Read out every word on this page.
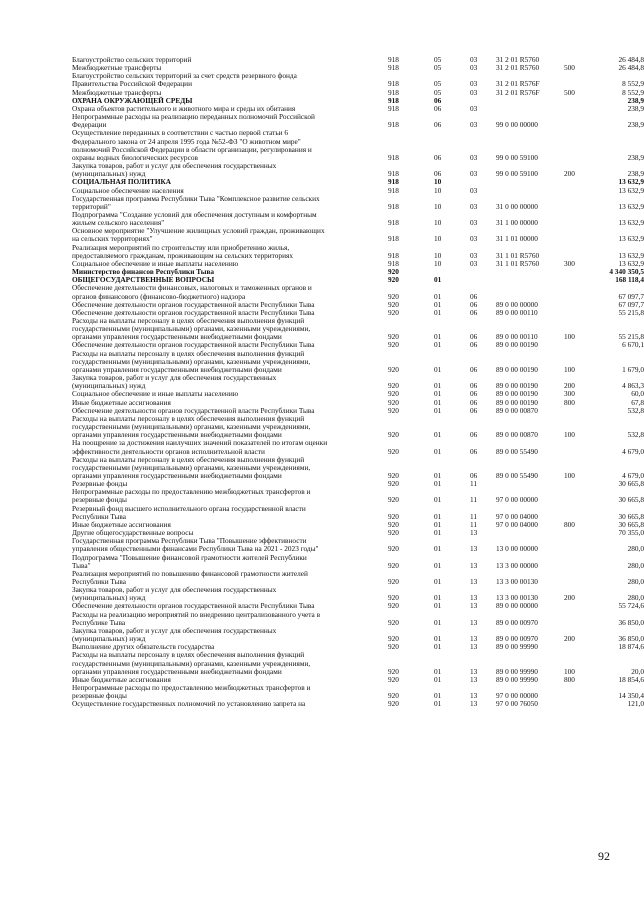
Благоустройство сельских территорий	918	05	03	31 2 01 R5760		26 484,8
Межбюджетные трансферты	918	05	03	31 2 01 R5760	500	26 484,8
Благоустройство сельских территорий за счет средств резервного фонда						
Правительства Российской Федерации	918	05	03	31 2 01 R576F		8 552,9
Межбюджетные трансферты	918	05	03	31 2 01 R576F	500	8 552,9
ОХРАНА ОКРУЖАЮЩЕЙ СРЕДЫ	918	06				238,9
Охрана объектов растительного и животного мира и среды их обитания	918	06	03			238,9
Непрограммные расходы на реализацию переданных полномочий Российской						
Федерации	918	06	03	99 0 00 00000		238,9
Осуществление переданных в соответствии с частью первой статьи 6						
Федерального закона от 24 апреля 1995 года №52-ФЗ "О животном мире"						
полномочий Российской Федерации в области организации, регулирования и						
охраны водных биологических ресурсов	918	06	03	99 0 00 59100		238,9
Закупка товаров, работ и услуг для обеспечения государственных						
(муниципальных) нужд	918	06	03	99 0 00 59100	200	238,9
СОЦИАЛЬНАЯ ПОЛИТИКА	918	10				13 632,9
Социальное обеспечение населения	918	10	03			13 632,9
Государственная программа Республики Тыва "Комплексное развитие сельских						
территорий"	918	10	03	31 0 00 00000		13 632,9
Подпрограмма "Создание условий для обеспечения доступным и комфортным						
жильем сельского населения"	918	10	03	31 1 00 00000		13 632,9
Основное мероприятие "Улучшение жилищных условий граждан, проживающих						
на сельских территориях"	918	10	03	31 1 01 00000		13 632,9
Реализация мероприятий по строительству или приобретению жилья,						
предоставляемого гражданам, проживающим на сельских территориях	918	10	03	31 1 01 R5760		13 632,9
Социальное обеспечение и иные выплаты населению	918	10	03	31 1 01 R5760	300	13 632,9
Министерство финансов Республики Тыва	920					4 340 350,5
ОБЩЕГОСУДАРСТВЕННЫЕ ВОПРОСЫ	920	01				168 118,4
Обеспечение деятельности финансовых, налоговых и таможенных органов и						
органов финансового (финансово-бюджетного) надзора	920	01	06			67 097,7
Обеспечение деятельности органов государственной власти Республики Тыва	920	01	06	89 0 00 00000		67 097,7
Обеспечение деятельности органов государственной власти Республики Тыва	920	01	06	89 0 00 00110		55 215,8
Расходы на выплаты персоналу в целях обеспечения выполнения функций						
государственными (муниципальными) органами, казенными учреждениями,						
органами управления государственными внебюджетными фондами	920	01	06	89 0 00 00110	100	55 215,8
Обеспечение деятельности органов государственной власти Республики Тыва	920	01	06	89 0 00 00190		6 670,1
Расходы на выплаты персоналу в целях обеспечения выполнения функций						
государственными (муниципальными) органами, казенными учреждениями,						
органами управления государственными внебюджетными фондами	920	01	06	89 0 00 00190	100	1 679,0
Закупка товаров, работ и услуг для обеспечения государственных						
(муниципальных) нужд	920	01	06	89 0 00 00190	200	4 863,3
Социальное обеспечение и иные выплаты населению	920	01	06	89 0 00 00190	300	60,0
Иные бюджетные ассигнования	920	01	06	89 0 00 00190	800	67,8
Обеспечение деятельности органов государственной власти Республики Тыва	920	01	06	89 0 00 00870		532,8
Расходы на выплаты персоналу в целях обеспечения выполнения функций						
государственными (муниципальными) органами, казенными учреждениями,						
органами управления государственными внебюджетными фондами	920	01	06	89 0 00 00870	100	532,8
На поощрение за достижения наилучших значений показателей по итогам оценки						
эффективности деятельности органов исполнительной власти	920	01	06	89 0 00 55490		4 679,0
Расходы на выплаты персоналу в целях обеспечения выполнения функций						
государственными (муниципальными) органами, казенными учреждениями,						
органами управления государственными внебюджетными фондами	920	01	06	89 0 00 55490	100	4 679,0
Резервные фонды	920	01	11			30 665,8
Непрограммные расходы по предоставлению межбюджетных трансфертов и						
резервные фонды	920	01	11	97 0 00 00000		30 665,8
Резервный фонд высшего исполнительного органа государственной власти						
Республики Тыва	920	01	11	97 0 00 04000		30 665,8
Иные бюджетные ассигнования	920	01	11	97 0 00 04000	800	30 665,8
Другие общегосударственные вопросы	920	01	13			70 355,0
Государственная программа Республики Тыва "Повышение эффективности						
управления общественными финансами Республики Тыва на 2021 - 2023 годы"	920	01	13	13 0 00 00000		280,0
Подпрограмма "Повышение финансовой грамотности жителей Республики						
Тыва"	920	01	13	13 3 00 00000		280,0
Реализация мероприятий по повышению финансовой грамотности жителей						
Республики Тыва	920	01	13	13 3 00 00130		280,0
Закупка товаров, работ и услуг для обеспечения государственных						
(муниципальных) нужд	920	01	13	13 3 00 00130	200	280,0
Обеспечение деятельности органов государственной власти Республики Тыва	920	01	13	89 0 00 00000		55 724,6
Расходы на реализацию мероприятий по внедрению централизованного учета в						
Республике Тыва	920	01	13	89 0 00 00970		36 850,0
Закупка товаров, работ и услуг для обеспечения государственных						
(муниципальных) нужд	920	01	13	89 0 00 00970	200	36 850,0
Выполнение других обязательств государства	920	01	13	89 0 00 99990		18 874,6
Расходы на выплаты персоналу в целях обеспечения выполнения функций						
государственными (муниципальными) органами, казенными учреждениями,						
органами управления государственными внебюджетными фондами	920	01	13	89 0 00 99990	100	20,0
Иные бюджетные ассигнования	920	01	13	89 0 00 99990	800	18 854,6
Непрограммные расходы по предоставлению межбюджетных трансфертов и						
резервные фонды	920	01	13	97 0 00 00000		14 350,4
Осуществление государственных полномочий по установлению запрета на	920	01	13	97 0 00 76050		121,0
92
